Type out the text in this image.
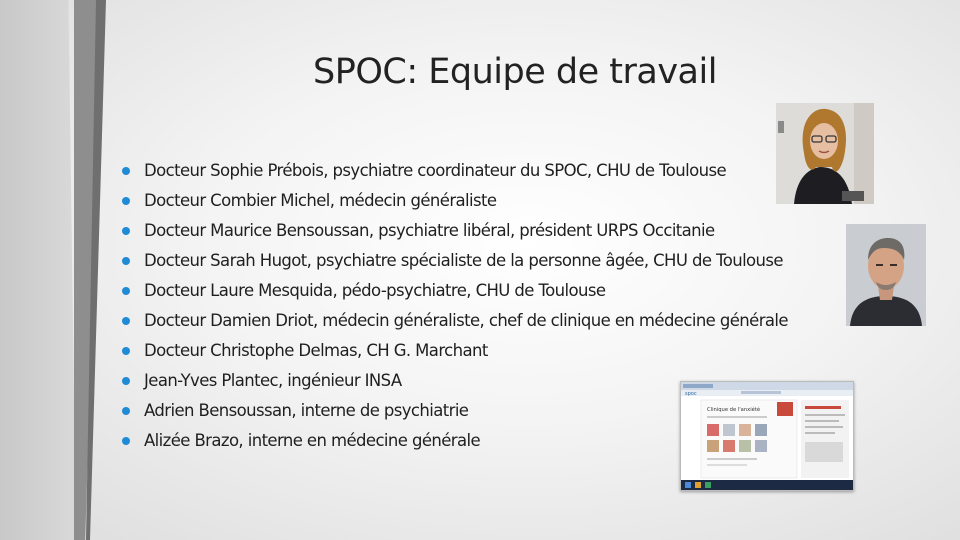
SPOC: Equipe de travail
Docteur Sophie Prébois, psychiatre coordinateur du SPOC, CHU de Toulouse
Docteur Combier Michel, médecin généraliste
Docteur Maurice Bensoussan, psychiatre libéral, président URPS Occitanie
Docteur Sarah Hugot, psychiatre spécialiste de la personne âgée, CHU de Toulouse
Docteur Laure Mesquida, pédo-psychiatre, CHU de Toulouse
Docteur Damien Driot, médecin généraliste, chef de clinique en médecine générale
Docteur Christophe Delmas, CH G. Marchant
Jean-Yves Plantec, ingénieur INSA
Adrien Bensoussan, interne de psychiatrie
Alizée Brazo, interne en médecine générale
spoc
Clinique de l'anxiété
